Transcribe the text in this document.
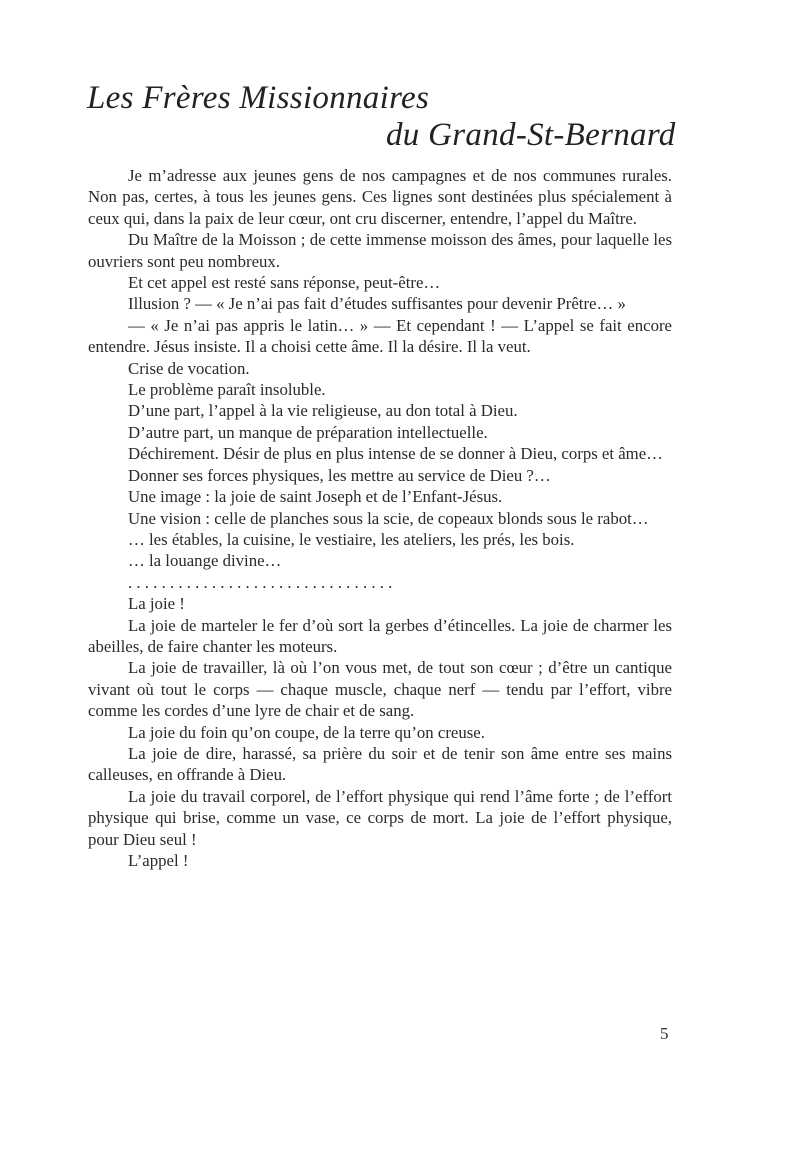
Les Frères Missionnaires
du Grand-St-Bernard

Je m’adresse aux jeunes gens de nos campagnes et de nos communes rurales. Non pas, certes, à tous les jeunes gens. Ces lignes sont destinées plus spécialement à ceux qui, dans la paix de leur cœur, ont cru discerner, entendre, l’appel du Maître.

Du Maître de la Moisson ; de cette immense moisson des âmes, pour laquelle les ouvriers sont peu nombreux.

Et cet appel est resté sans réponse, peut-être…

Illusion ? — « Je n’ai pas fait d’études suffisantes pour devenir Prêtre… »

— « Je n’ai pas appris le latin… » — Et cependant ! — L’appel se fait encore entendre. Jésus insiste. Il a choisi cette âme. Il la désire. Il la veut.

Crise de vocation.

Le problème paraît insoluble.

D’une part, l’appel à la vie religieuse, au don total à Dieu.

D’autre part, un manque de préparation intellectuelle.

Déchirement. Désir de plus en plus intense de se donner à Dieu, corps et âme…

Donner ses forces physiques, les mettre au service de Dieu ?…

Une image : la joie de saint Joseph et de l’Enfant-Jésus.

Une vision : celle de planches sous la scie, de copeaux blonds sous le rabot…

… les étables, la cuisine, le vestiaire, les ateliers, les prés, les bois.

… la louange divine…

. . . . . . . . . . . . . . . . . . . . . . . . . . . . . . . .

La joie !

La joie de marteler le fer d’où sort la gerbes d’étincelles. La joie de charmer les abeilles, de faire chanter les moteurs.

La joie de travailler, là où l’on vous met, de tout son cœur ; d’être un cantique vivant où tout le corps — chaque muscle, chaque nerf — tendu par l’effort, vibre comme les cordes d’une lyre de chair et de sang.

La joie du foin qu’on coupe, de la terre qu’on creuse.

La joie de dire, harassé, sa prière du soir et de tenir son âme entre ses mains calleuses, en offrande à Dieu.

La joie du travail corporel, de l’effort physique qui rend l’âme forte ; de l’effort physique qui brise, comme un vase, ce corps de mort. La joie de l’effort physique, pour Dieu seul !

L’appel !

5
